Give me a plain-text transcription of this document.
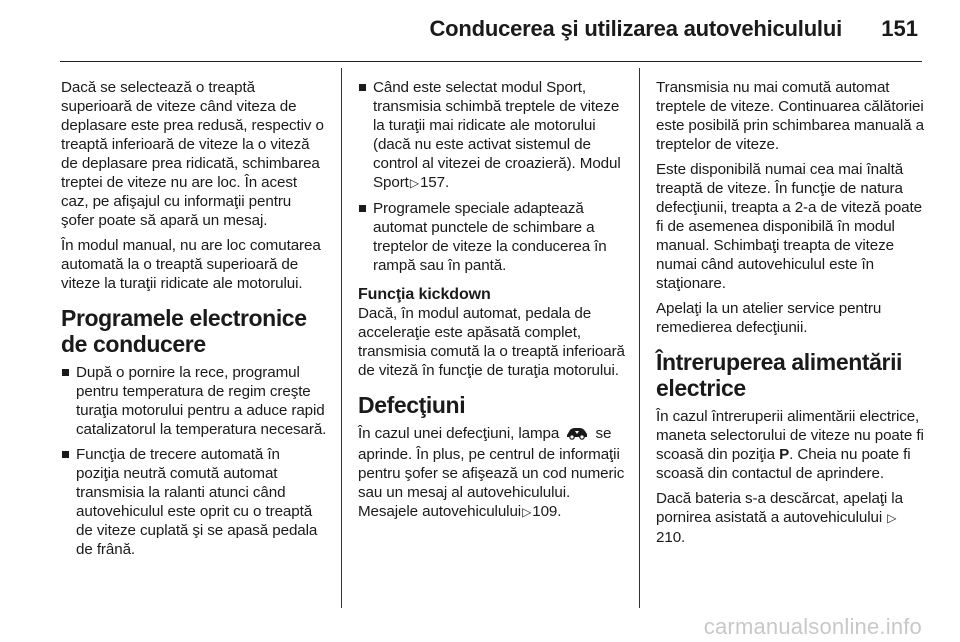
Conducerea şi utilizarea autovehiculului 151

Dacă se selectează o treaptă superioară de viteze când viteza de deplasare este prea redusă, respectiv o treaptă inferioară de viteze la o viteză de deplasare prea ridicată, schimbarea treptei de viteze nu are loc. În acest caz, pe afişajul cu informaţii pentru şofer poate să apară un mesaj.

În modul manual, nu are loc comutarea automată la o treaptă superioară de viteze la turaţii ridicate ale motorului.

Programele electronice de conducere
După o pornire la rece, programul pentru temperatura de regim creşte turaţia motorului pentru a aduce rapid catalizatorul la temperatura necesară.
Funcţia de trecere automată în poziţia neutră comută automat transmisia la ralanti atunci când autovehiculul este oprit cu o treaptă de viteze cuplată şi se apasă pedala de frână.
Când este selectat modul Sport, transmisia schimbă treptele de viteze la turaţii mai ridicate ale motorului (dacă nu este activat sistemul de control al vitezei de croazieră). Modul Sport▷157.
Programele speciale adaptează automat punctele de schimbare a treptelor de viteze la conducerea în rampă sau în pantă.
Funcţia kickdown

Dacă, în modul automat, pedala de acceleraţie este apăsată complet, transmisia comută la o treaptă inferioară de viteză în funcţie de turaţia motorului.

Defecţiuni

În cazul unei defecţiuni, lampa se aprinde. În plus, pe centrul de informaţii pentru şofer se afişează un cod numeric sau un mesaj al autovehiculului. Mesajele autovehiculului▷109.

Transmisia nu mai comută automat treptele de viteze. Continuarea călătoriei este posibilă prin schimbarea manuală a treptelor de viteze.

Este disponibilă numai cea mai înaltă treaptă de viteze. În funcţie de natura defecţiunii, treapta a 2-a de viteză poate fi de asemenea disponibilă în modul manual. Schimbaţi treapta de viteze numai când autovehiculul este în staţionare.

Apelaţi la un atelier service pentru remedierea defecţiunii.

Întreruperea alimentării electrice

În cazul întreruperii alimentării electrice, maneta selectorului de viteze nu poate fi scoasă din poziţia P. Cheia nu poate fi scoasă din contactul de aprindere.

Dacă bateria s-a descărcat, apelaţi la pornirea asistată a autovehiculului ▷210.

carmanualsonline.info
